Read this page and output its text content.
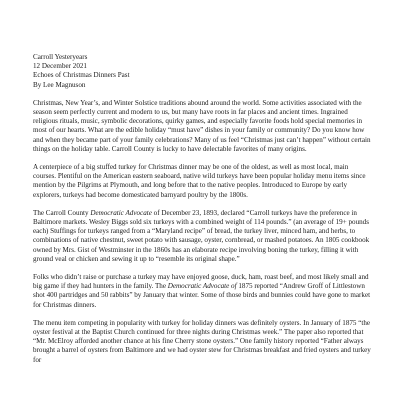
Carroll Yesteryears

12 December 2021

Echoes of Christmas Dinners Past

By Lee Magnuson

Christmas, New Year’s, and Winter Solstice traditions abound around the world. Some activities associated with the season seem perfectly current and modern to us, but many have roots in far places and ancient times. Ingrained religious rituals, music, symbolic decorations, quirky games, and especially favorite foods hold special memories in most of our hearts. What are the edible holiday “must have” dishes in your family or community? Do you know how and when they became part of your family celebrations? Many of us feel “Christmas just can’t happen” without certain things on the holiday table. Carroll County is lucky to have delectable favorites of many origins.

A centerpiece of a big stuffed turkey for Christmas dinner may be one of the oldest, as well as most local, main courses. Plentiful on the American eastern seaboard, native wild turkeys have been popular holiday menu items since mention by the Pilgrims at Plymouth, and long before that to the native peoples. Introduced to Europe by early explorers, turkeys had become domesticated barnyard poultry by the 1800s.

The Carroll County Democratic Advocate of December 23, 1893, declared “Carroll turkeys have the preference in Baltimore markets. Wesley Biggs sold six turkeys with a combined weight of 114 pounds.” (an average of 19+ pounds each) Stuffings for turkeys ranged from a “Maryland recipe” of bread, the turkey liver, minced ham, and herbs, to combinations of native chestnut, sweet potato with sausage, oyster, cornbread, or mashed potatoes. An 1805 cookbook owned by Mrs. Gist of Westminster in the 1860s has an elaborate recipe involving boning the turkey, filling it with ground veal or chicken and sewing it up to “resemble its original shape.”

Folks who didn’t raise or purchase a turkey may have enjoyed goose, duck, ham, roast beef, and most likely small and big game if they had hunters in the family. The Democratic Advocate of 1875 reported “Andrew Groff of Littlestown shot 400 partridges and 50 rabbits” by January that winter. Some of those birds and bunnies could have gone to market for Christmas dinners.

The menu item competing in popularity with turkey for holiday dinners was definitely oysters. In January of 1875 “the oyster festival at the Baptist Church continued for three nights during Christmas week.” The paper also reported that “Mr. McElroy afforded another chance at his fine Cherry stone oysters.” One family history reported “Father always brought a barrel of oysters from Baltimore and we had oyster stew for Christmas breakfast and fried oysters and turkey for
